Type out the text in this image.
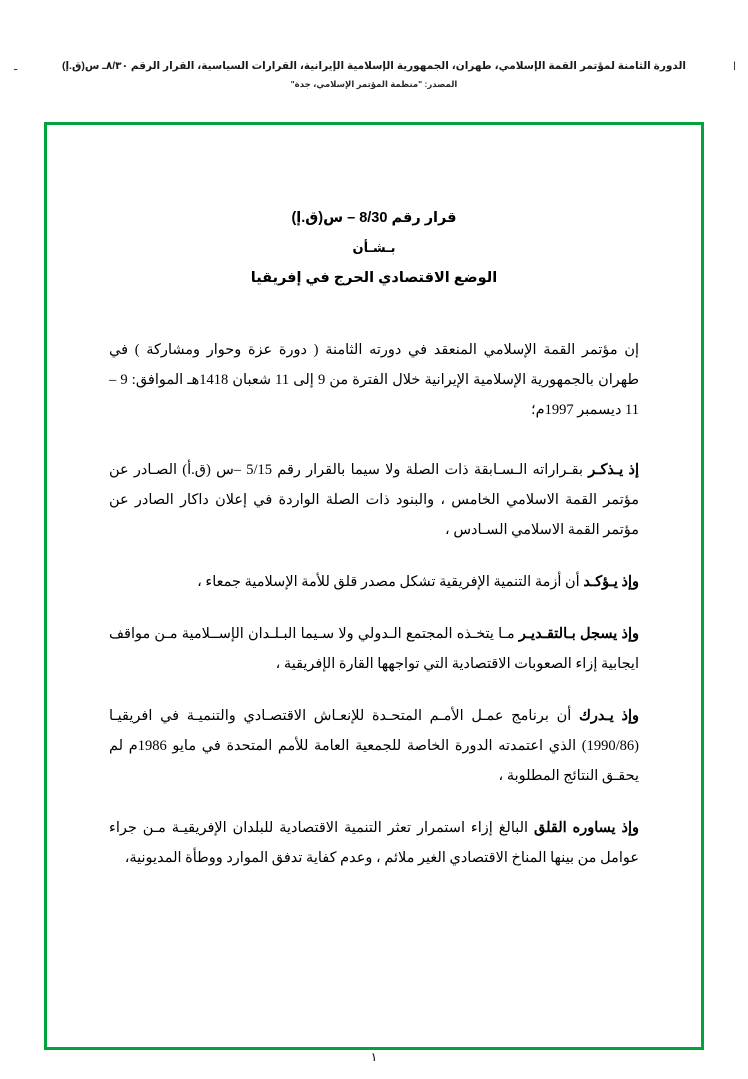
ا
ـ	الدورة الثامنة لمؤتمر القمة الإسلامي، طهران، الجمهورية الإسلامية الإيرانية، القرارات السياسية، القرار الرقم ٨/٣٠ـ س(ق.إ)
المصدر: "منظمة المؤتمر الإسلامي، جدة"
قرار رقم 8/30 – س(ق.إ)
بـشـأن
الوضع الاقتصادي الحرج في إفريقيا

إن مؤتمر القمة الإسلامي المنعقد في دورته الثامنة ( دورة عزة وحوار ومشاركة ) في طهران بالجمهورية الإسلامية الإيرانية خلال الفترة من 9 إلى 11 شعبان 1418هـ الموافق: 9 – 11 ديسمبر 1997م؛

إذ يـذكـر بقـراراته الـسـابقة ذات الصلة ولا سيما بالقرار رقم 5/15 –س (ق.أ) الصـادر عن مؤتمر القمة الاسلامي الخامس ، والبنود ذات الصلة الواردة في إعلان داكار الصادر عن مؤتمر القمة الاسلامي السـادس ،

وإذ يـؤكـد أن أزمة التنمية الإفريقية تشكل مصدر قلق للأمة الإسلامية جمعاء ،

وإذ يسجل بـالتقـديـر مـا يتخـذه المجتمع الـدولي ولا سـيما البـلـدان الإســلامية مـن مواقف ايجابية إزاء الصعوبات الاقتصادية التي تواجهها القارة الإفريقية ،

وإذ يـدرك أن برنامج عمـل الأمـم المتحـدة للإنعـاش الاقتصـادي والتنميـة في افريقيـا (1990/86) الذي اعتمدته الدورة الخاصة للجمعية العامة للأمم المتحدة في مايو 1986م لم يحقـق النتائج المطلوبة ،

وإذ يساوره القلق البالغ إزاء استمرار تعثر التنمية الاقتصادية للبلدان الإفريقيـة مـن جراء عوامل من بينها المناخ الاقتصادي الغير ملائم ، وعدم كفاية تدفق الموارد ووطأة المديونية،

١
